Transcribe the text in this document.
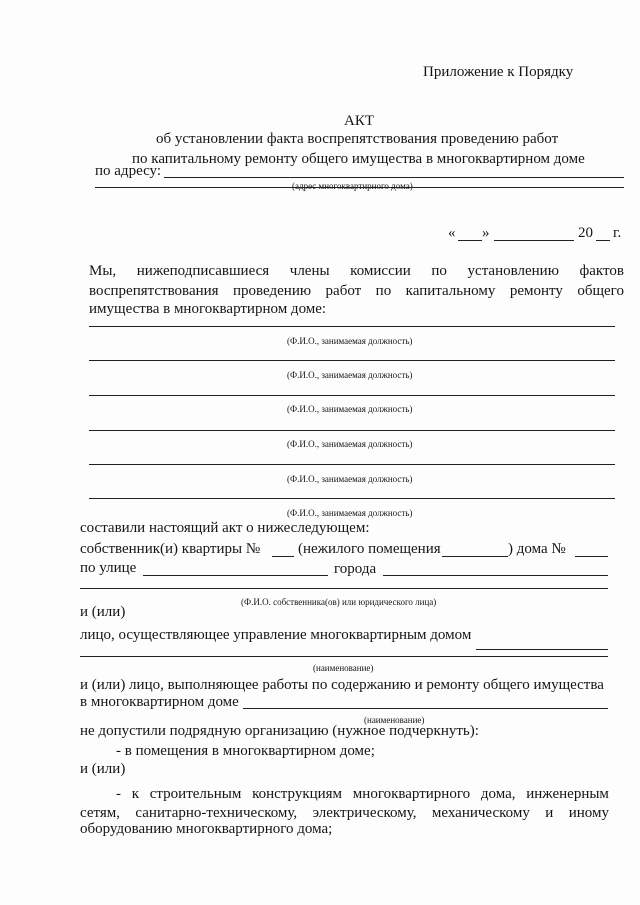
Приложение к Порядку
АКТ
об установлении факта воспрепятствования проведению работ
по капитальному ремонту общего имущества в многоквартирном доме
по адресу:
(адрес многоквартирного дома)
« »	20 г.
Мы, нижеподписавшиеся члены комиссии по установлению фактов
воспрепятствования проведению работ по капитальному ремонту общего
имущества в многоквартирном доме:
(Ф.И.О., занимаемая должность)
(Ф.И.О., занимаемая должность)
(Ф.И.О., занимаемая должность)
(Ф.И.О., занимаемая должность)
(Ф.И.О., занимаемая должность)
(Ф.И.О., занимаемая должность)
составили настоящий акт о нижеследующем:
собственник(и) квартиры №	(нежилого помещения	) дома №
по улице	города
(Ф.И.О. собственника(ов) или юридического лица)
и (или)
лицо, осуществляющее управление многоквартирным домом
(наименование)
и (или) лицо, выполняющее работы по содержанию и ремонту общего имущества
в многоквартирном доме
(наименование)
не допустили подрядную организацию (нужное подчеркнуть):
- в помещения в многоквартирном доме;
и (или)
- к строительным конструкциям многоквартирного дома, инженерным
сетям, санитарно-техническому, электрическому, механическому и иному
оборудованию многоквартирного дома;
